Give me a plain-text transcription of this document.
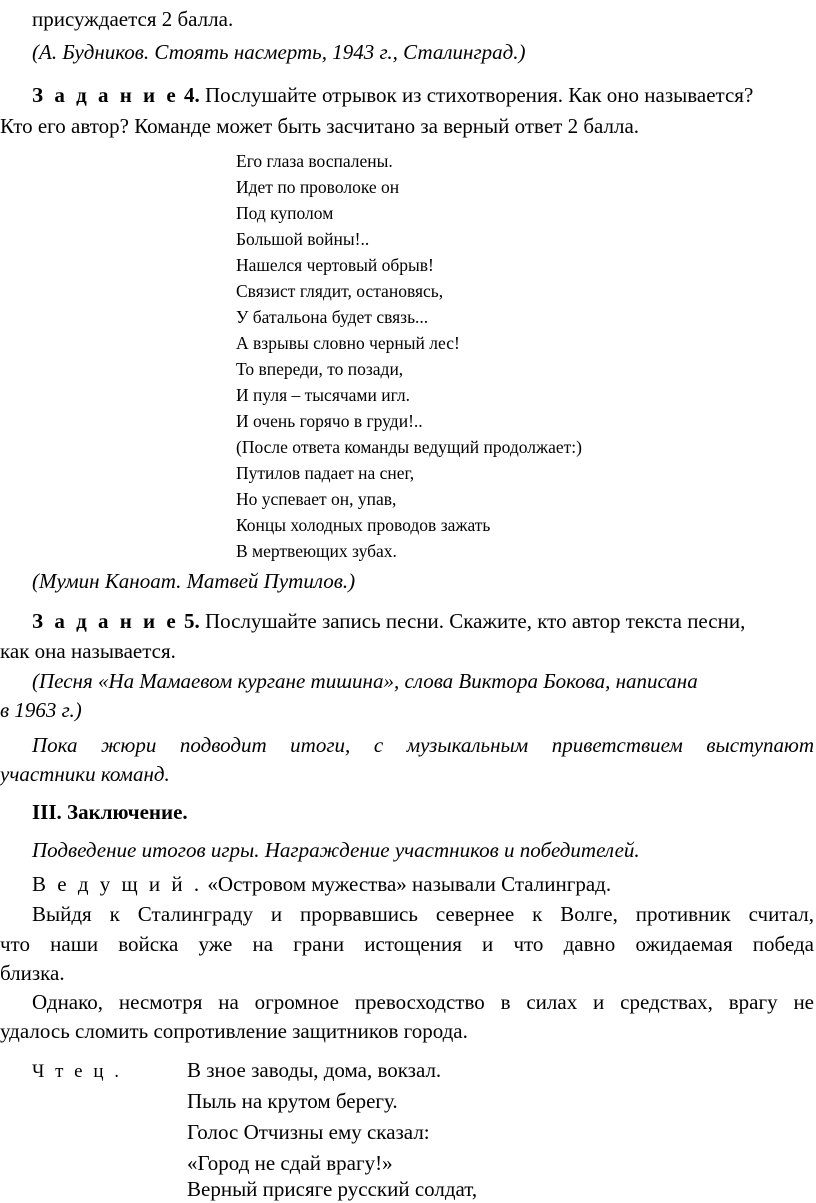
присуждается 2 балла.
(А. Будников. Стоять насмерть, 1943 г., Сталинград.)
З а д а н и е 4. Послушайте отрывок из стихотворения. Как оно называется?
Кто его автор? Команде может быть засчитано за верный ответ 2 балла.
Его глаза воспалены.
Идет по проволоке он
Под куполом
Большой войны!..
Нашелся чертовый обрыв!
Связист глядит, остановясь,
У батальона будет связь...
А взрывы словно черный лес!
То впереди, то позади,
И пуля – тысячами игл.
И очень горячо в груди!..
(После ответа команды ведущий продолжает:)
Путилов падает на снег,
Но успевает он, упав,
Концы холодных проводов зажать
В мертвеющих зубах.
(Мумин Каноат. Матвей Путилов.)
З а д а н и е 5. Послушайте запись песни. Скажите, кто автор текста песни,
как она называется.
(Песня «На Мамаевом кургане тишина», слова Виктора Бокова, написана
в 1963 г.)
Пока жюри подводит итоги, с музыкальным приветствием выступают
участники команд.
III. Заключение.
Подведение итогов игры. Награждение участников и победителей.
В е д у щ и й . «Островом мужества» называли Сталинград.
Выйдя к Сталинграду и прорвавшись севернее к Волге, противник считал,
что наши войска уже на грани истощения и что давно ожидаемая победа
близка.
Однако, несмотря на огромное превосходство в силах и средствах, врагу не
удалось сломить сопротивление защитников города.
Ч т е ц .	В зное заводы, дома, вокзал.
Пыль на крутом берегу.
Голос Отчизны ему сказал:
«Город не сдай врагу!»
Верный присяге русский солдат,
